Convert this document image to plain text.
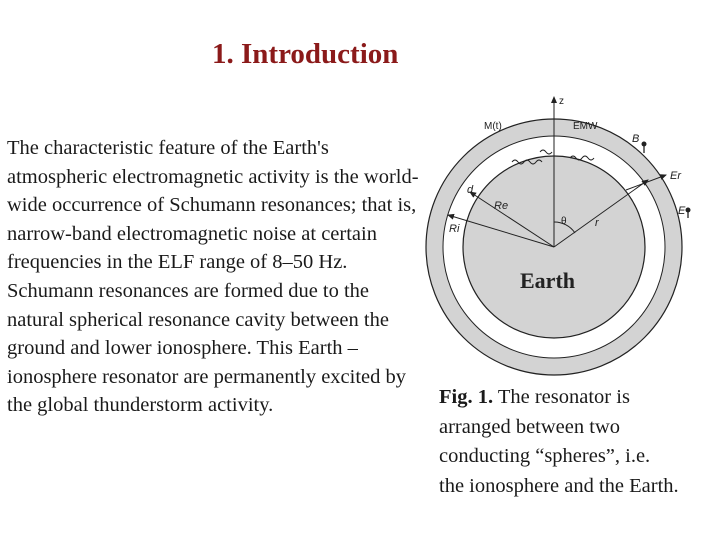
1. Introduction

The characteristic feature of the Earth's atmospheric electromagnetic activity is the world-wide occurrence of Schumann resonances; that is, narrow-band electromagnetic noise at certain frequencies in the ELF range of 8–50 Hz. Schumann resonances are formed due to the natural spherical resonance cavity between the ground and lower ionosphere. This Earth – ionosphere resonator are permanently excited by the global thunderstorm activity.

z
M(t)	EMW
B
Er
E
d
Re
Ri
θ	r
Earth

Fig. 1. The resonator is arranged between two conducting “spheres”, i.e. the ionosphere and the Earth.
